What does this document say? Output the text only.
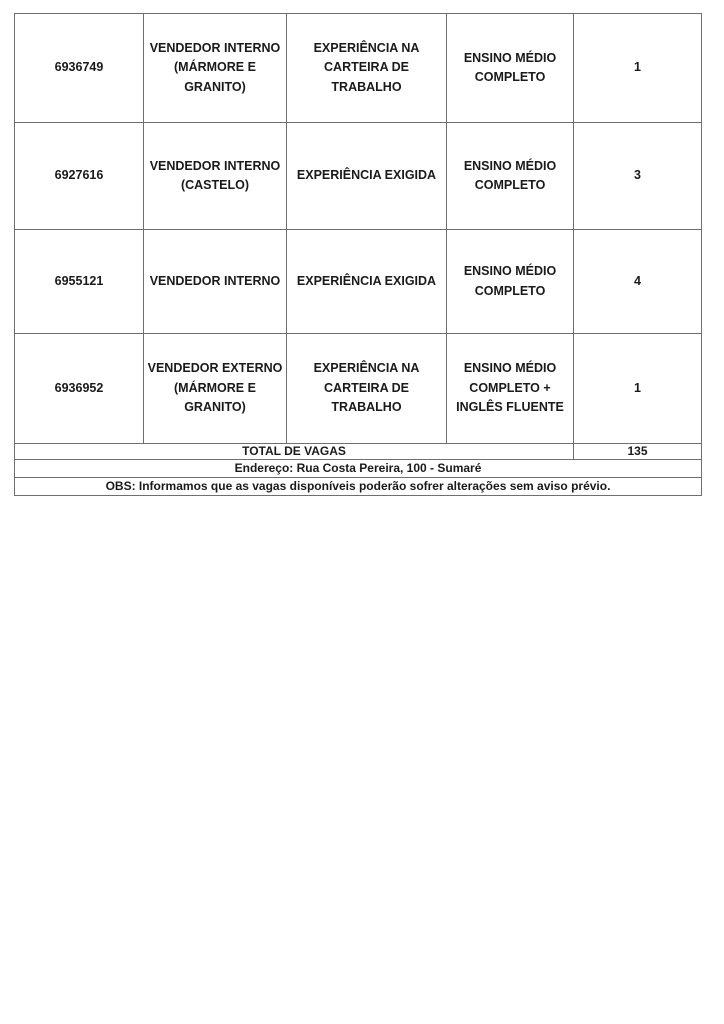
6936749	VENDEDOR INTERNO (MÁRMORE E GRANITO)	EXPERIÊNCIA NA CARTEIRA DE TRABALHO	ENSINO MÉDIO COMPLETO	1
6927616	VENDEDOR INTERNO (CASTELO)	EXPERIÊNCIA EXIGIDA	ENSINO MÉDIO COMPLETO	3
6955121	VENDEDOR INTERNO	EXPERIÊNCIA EXIGIDA	ENSINO MÉDIO COMPLETO	4
6936952	VENDEDOR EXTERNO (MÁRMORE E GRANITO)	EXPERIÊNCIA NA CARTEIRA DE TRABALHO	ENSINO MÉDIO COMPLETO + INGLÊS FLUENTE	1
TOTAL DE VAGAS				135
Endereço: Rua Costa Pereira, 100 - Sumaré				
OBS: Informamos que as vagas disponíveis poderão sofrer alterações sem aviso prévio.				
